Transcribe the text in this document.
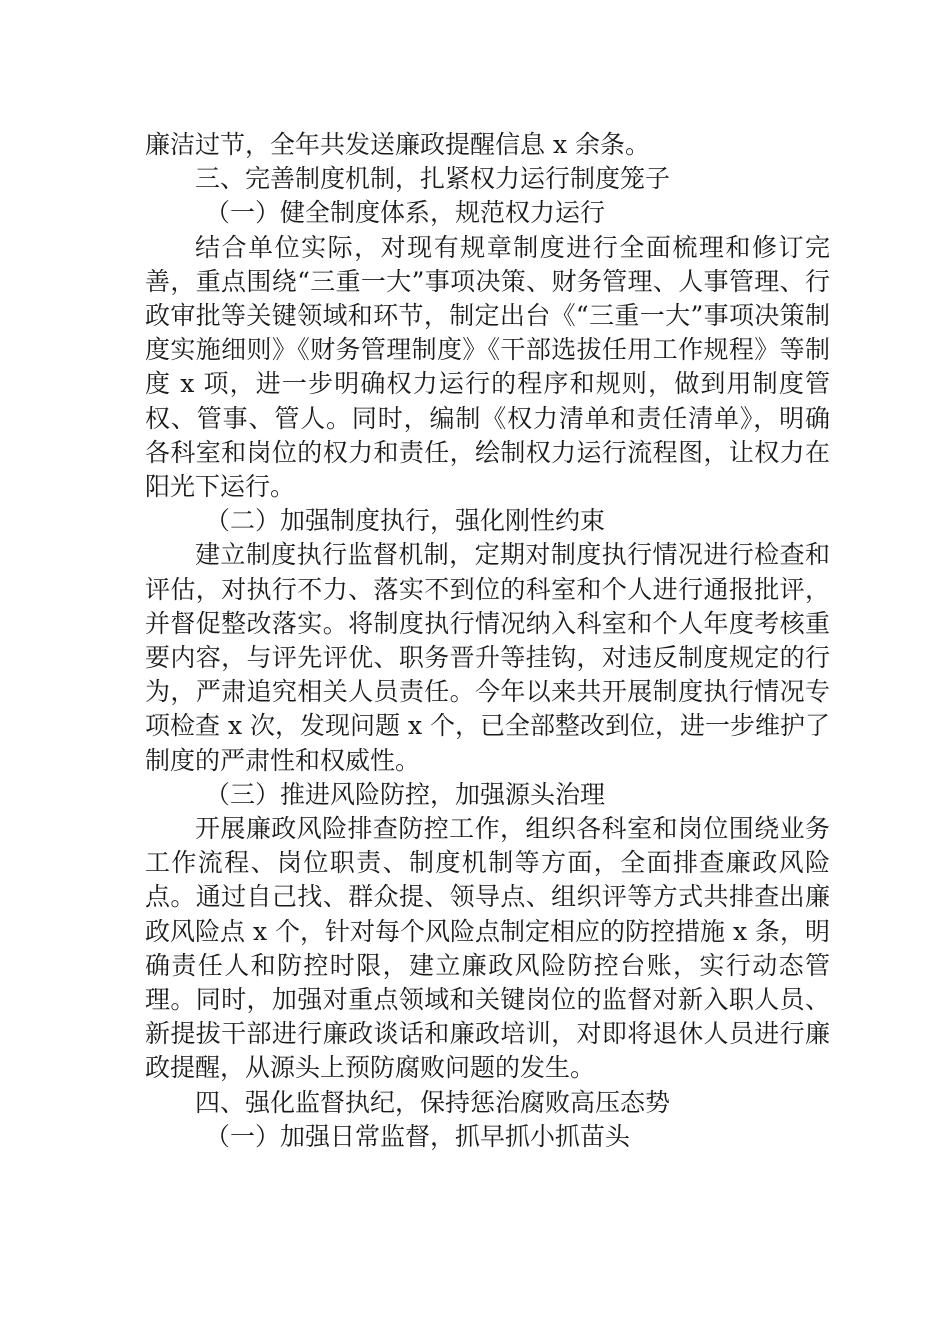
廉洁过节，全年共发送廉政提醒信息 x 余条。

三、完善制度机制，扎紧权力运行制度笼子

（一）健全制度体系，规范权力运行

结合单位实际，对现有规章制度进行全面梳理和修订完善，重点围绕“三重一大”事项决策、财务管理、人事管理、行政审批等关键领域和环节，制定出台《“三重一大”事项决策制度实施细则》《财务管理制度》《干部选拔任用工作规程》等制度 x 项，进一步明确权力运行的程序和规则，做到用制度管权、管事、管人。同时，编制《权力清单和责任清单》，明确各科室和岗位的权力和责任，绘制权力运行流程图，让权力在阳光下运行。

（二）加强制度执行，强化刚性约束

建立制度执行监督机制，定期对制度执行情况进行检查和评估，对执行不力、落实不到位的科室和个人进行通报批评，并督促整改落实。将制度执行情况纳入科室和个人年度考核重要内容，与评先评优、职务晋升等挂钩，对违反制度规定的行为，严肃追究相关人员责任。今年以来共开展制度执行情况专项检查 x 次，发现问题 x 个，已全部整改到位，进一步维护了制度的严肃性和权威性。

（三）推进风险防控，加强源头治理

开展廉政风险排查防控工作，组织各科室和岗位围绕业务工作流程、岗位职责、制度机制等方面，全面排查廉政风险点。通过自己找、群众提、领导点、组织评等方式共排查出廉政风险点 x 个，针对每个风险点制定相应的防控措施 x 条，明确责任人和防控时限，建立廉政风险防控台账，实行动态管理。同时，加强对重点领域和关键岗位的监督对新入职人员、新提拔干部进行廉政谈话和廉政培训，对即将退休人员进行廉政提醒，从源头上预防腐败问题的发生。

四、强化监督执纪，保持惩治腐败高压态势

（一）加强日常监督，抓早抓小抓苗头
